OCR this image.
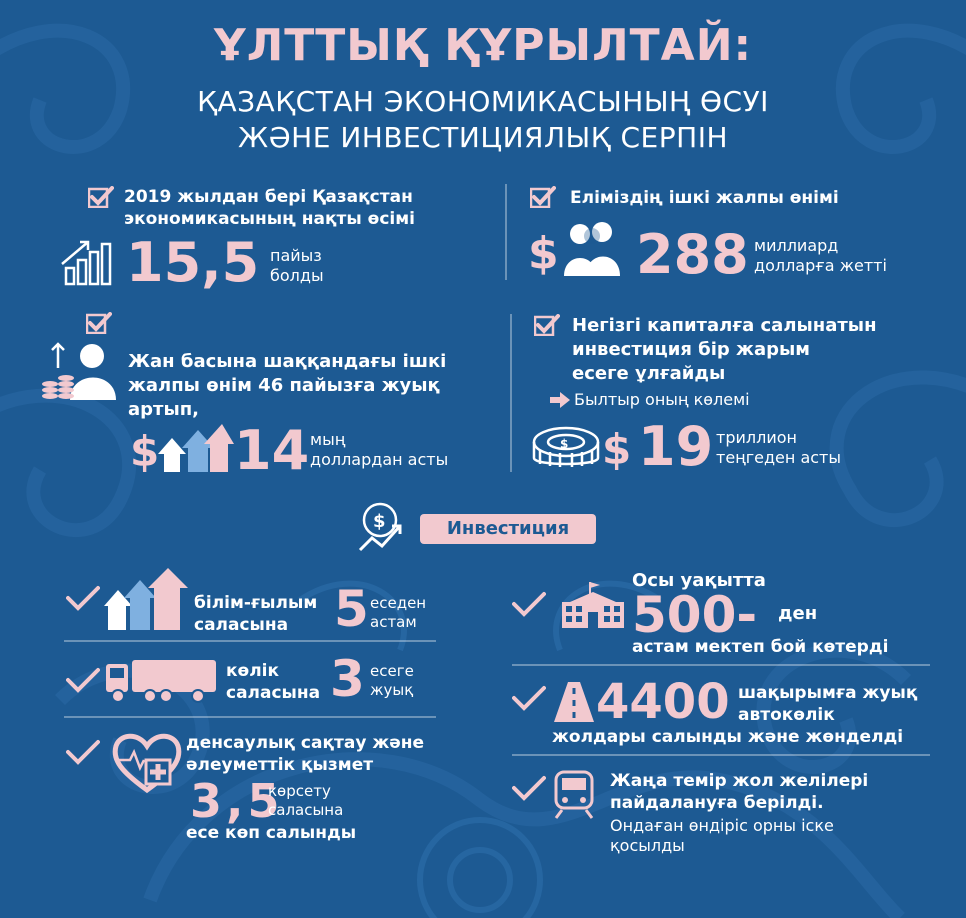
ҰЛТТЫҚ ҚҰРЫЛТАЙ:
ҚАЗАҚСТАН ЭКОНОМИКАСЫНЫҢ ӨСУІ
ЖӘНЕ ИНВЕСТИЦИЯЛЫҚ СЕРПІН
2019 жылдан бері Қазақстан
экономикасының нақты өсімі
15,5 пайыз
болды
Еліміздің ішкі жалпы өнімі
$ 288 миллиард
долларға жетті
Жан басына шаққандағы ішкі
жалпы өнім 46 пайызға жуық
артып,
$ 14 мың
доллардан асты
Негізгі капиталға салынатын
инвестиция бір жарым
есеге ұлғайды
Былтыр оның көлемі
$ $ 19 триллион
теңгеден асты
$	Инвестиция
білім-ғылым
саласына 5 еседен
астам
көлік
саласына 3 есеге
жуық
денсаулық сақтау және
әлеуметтік қызмет
3,5
көрсету
саласына
есе көп салынды
Осы уақытта
500- ден
астам мектеп бой көтерді
4400 шақырымға жуық
автокөлік
жолдары салынды және жөнделді
Жаңа темір жол желілері
пайдалануға берілді.
Ондаған өндіріс орны іске
қосылды
